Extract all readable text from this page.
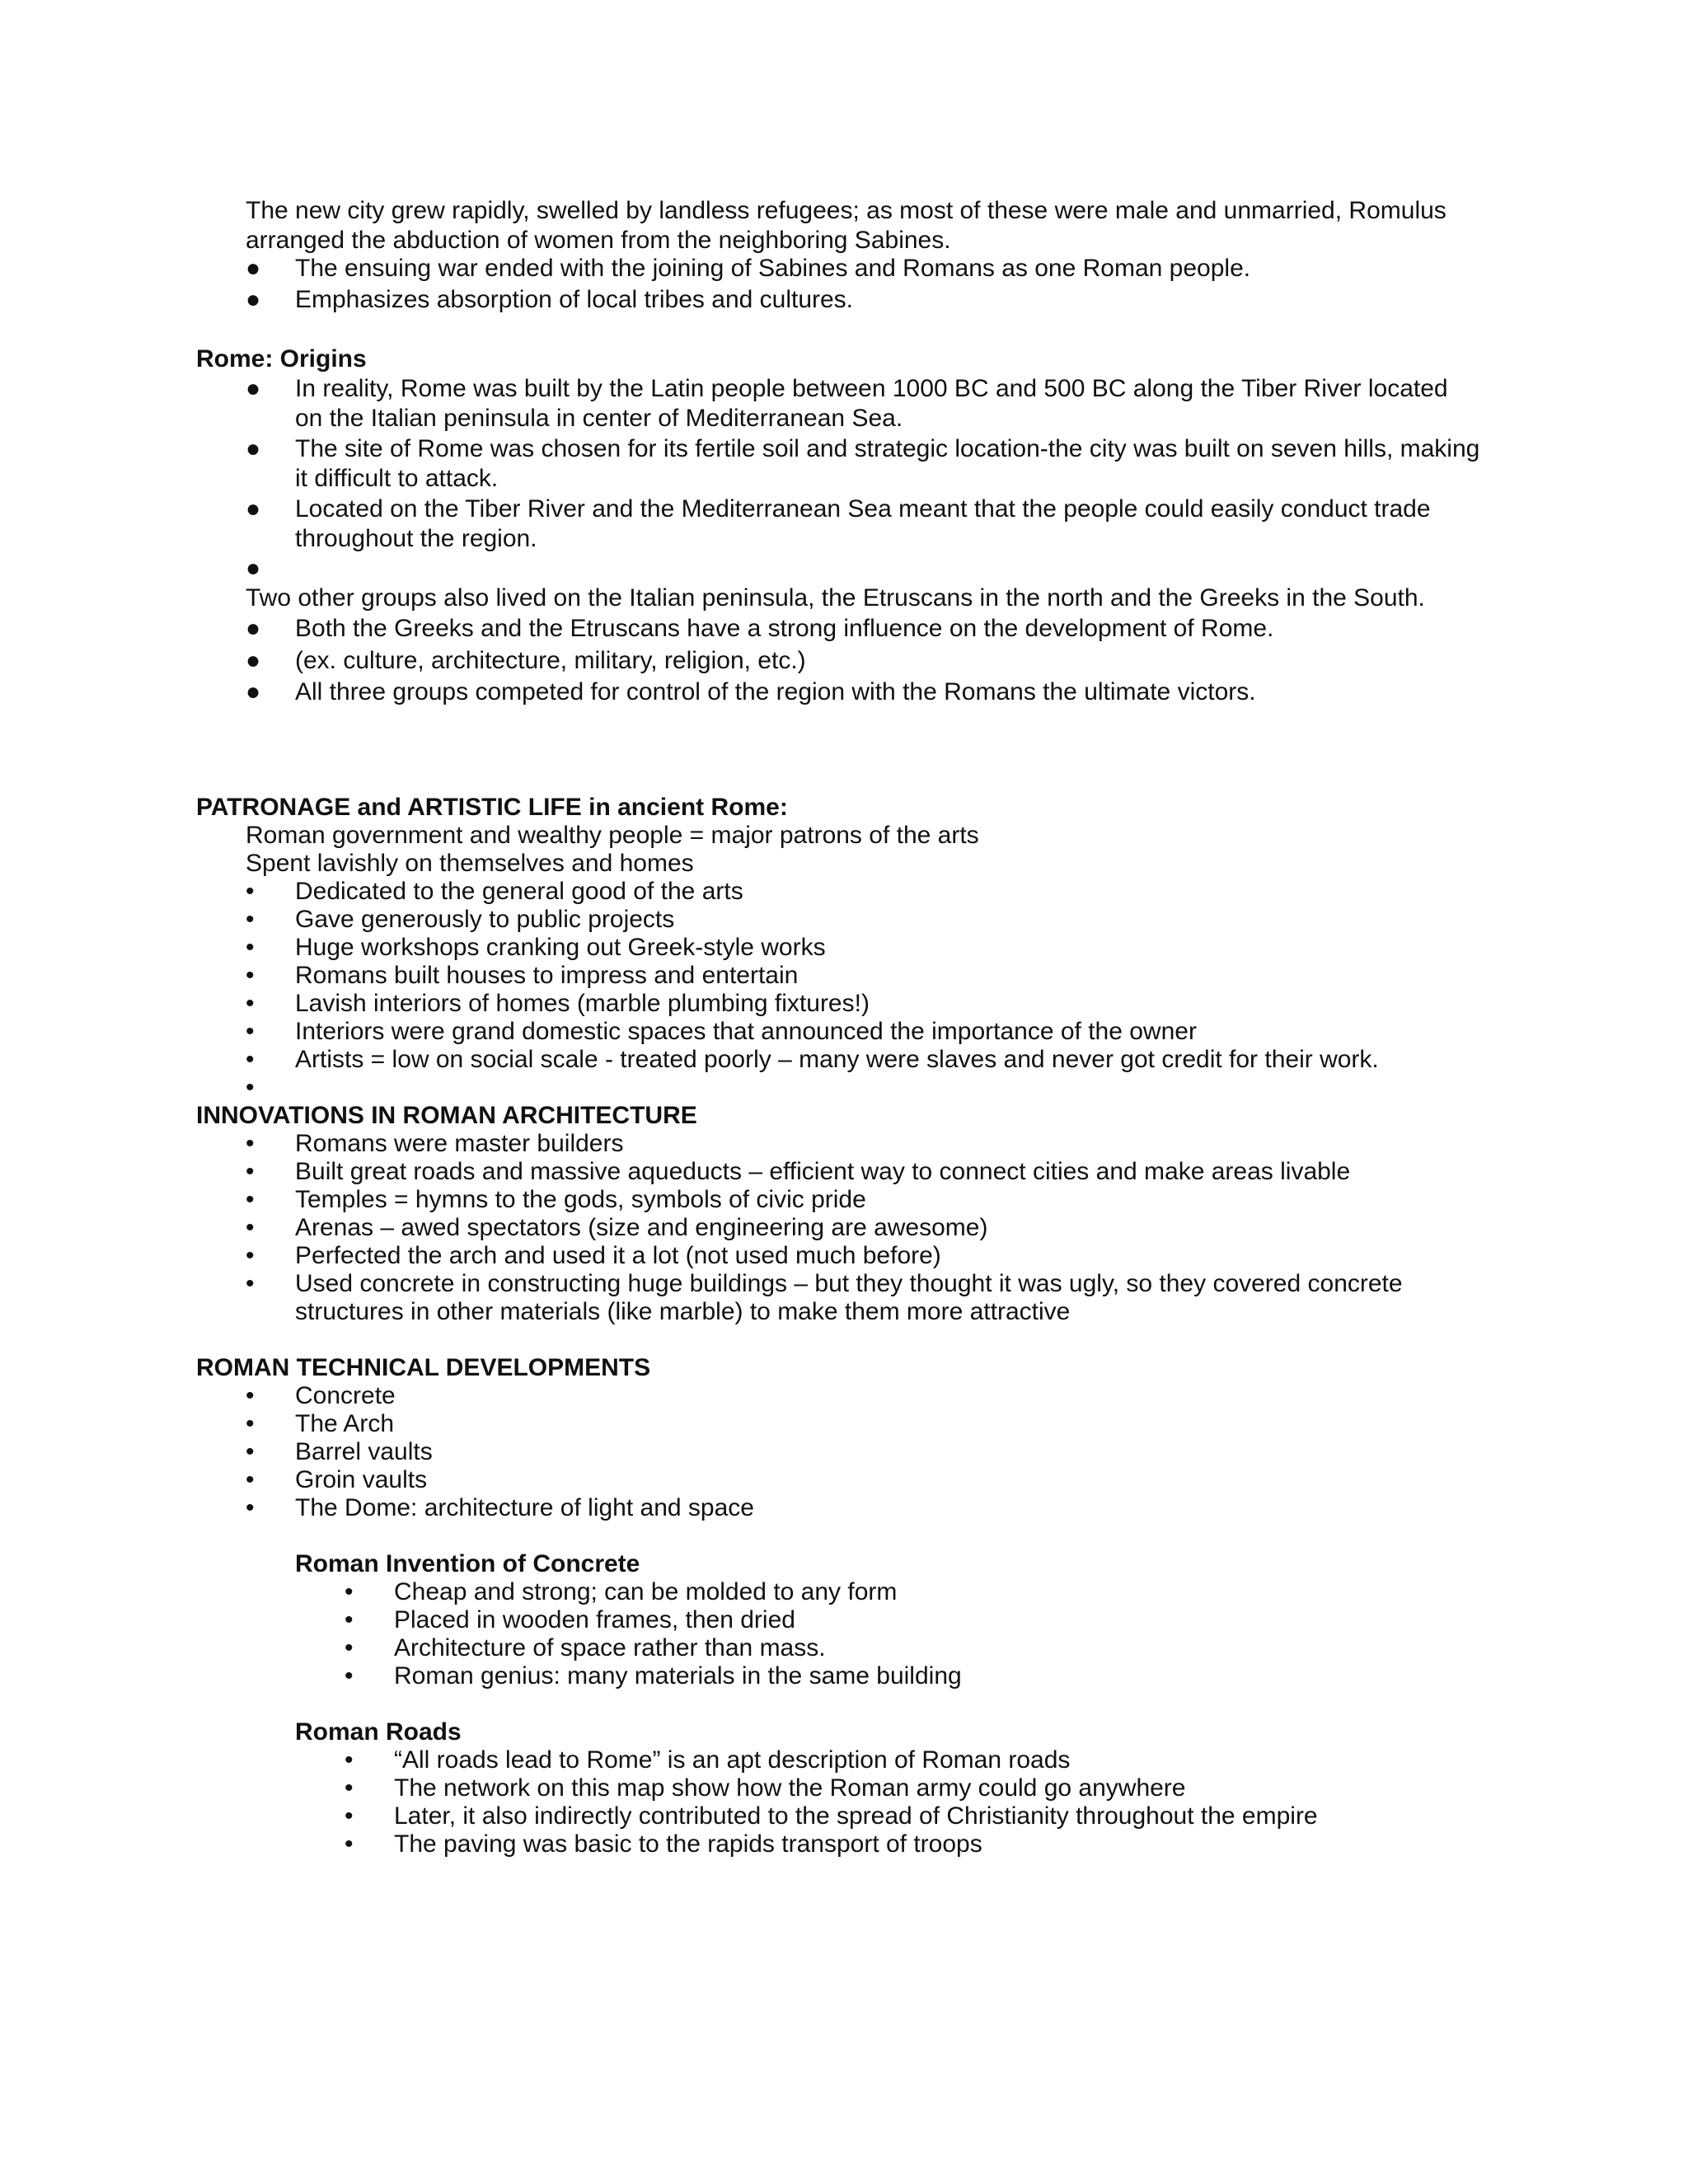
The new city grew rapidly, swelled by landless refugees; as most of these were male and unmarried, Romulus
arranged the abduction of women from the neighboring Sabines.
● The ensuing war ended with the joining of Sabines and Romans as one Roman people.
● Emphasizes absorption of local tribes and cultures.
Rome: Origins
● In reality, Rome was built by the Latin people between 1000 BC and 500 BC along the Tiber River located
on the Italian peninsula in center of Mediterranean Sea.
● The site of Rome was chosen for its fertile soil and strategic location-the city was built on seven hills, making
it difficult to attack.
● Located on the Tiber River and the Mediterranean Sea meant that the people could easily conduct trade
throughout the region.
●
Two other groups also lived on the Italian peninsula, the Etruscans in the north and the Greeks in the South.
● Both the Greeks and the Etruscans have a strong influence on the development of Rome.
● (ex. culture, architecture, military, religion, etc.)
● All three groups competed for control of the region with the Romans the ultimate victors.
PATRONAGE and ARTISTIC LIFE in ancient Rome:
Roman government and wealthy people = major patrons of the arts
Spent lavishly on themselves and homes
• Dedicated to the general good of the arts
• Gave generously to public projects
• Huge workshops cranking out Greek-style works
• Romans built houses to impress and entertain
• Lavish interiors of homes (marble plumbing fixtures!)
• Interiors were grand domestic spaces that announced the importance of the owner
• Artists = low on social scale - treated poorly – many were slaves and never got credit for their work.
•
INNOVATIONS IN ROMAN ARCHITECTURE
• Romans were master builders
• Built great roads and massive aqueducts – efficient way to connect cities and make areas livable
• Temples = hymns to the gods, symbols of civic pride
• Arenas – awed spectators (size and engineering are awesome)
• Perfected the arch and used it a lot (not used much before)
• Used concrete in constructing huge buildings – but they thought it was ugly, so they covered concrete
structures in other materials (like marble) to make them more attractive
ROMAN TECHNICAL DEVELOPMENTS
• Concrete
• The Arch
• Barrel vaults
• Groin vaults
• The Dome: architecture of light and space
Roman Invention of Concrete
• Cheap and strong; can be molded to any form
• Placed in wooden frames, then dried
• Architecture of space rather than mass.
• Roman genius: many materials in the same building
Roman Roads
• “All roads lead to Rome” is an apt description of Roman roads
• The network on this map show how the Roman army could go anywhere
• Later, it also indirectly contributed to the spread of Christianity throughout the empire
• The paving was basic to the rapids transport of troops
